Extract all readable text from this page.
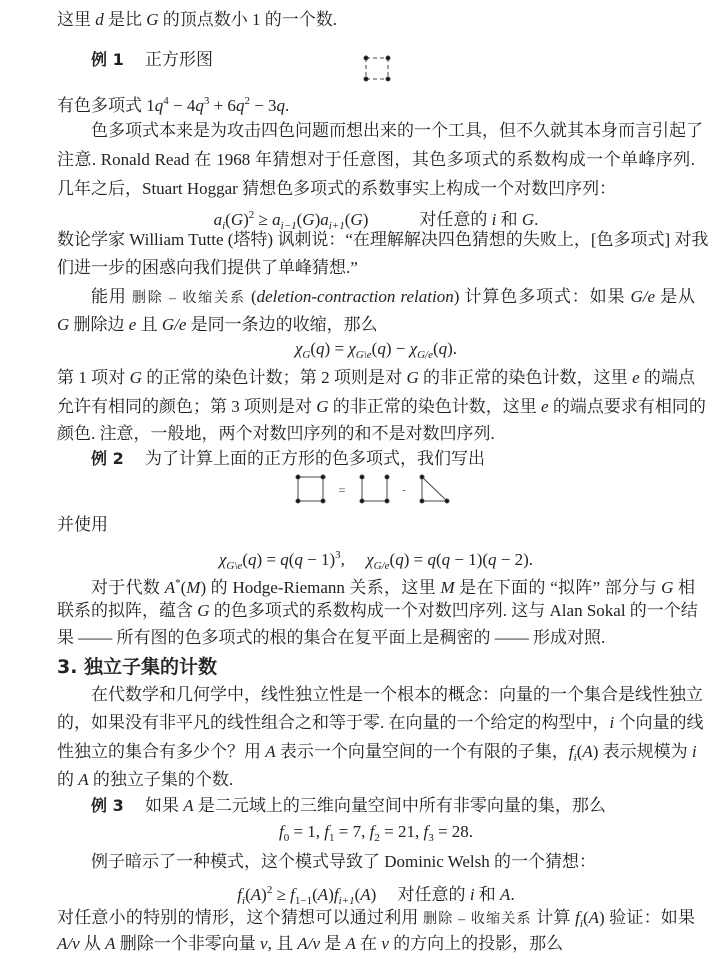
这里 d 是比 G 的顶点数小 1 的一个数.
例 1　 正方形图
有色多项式 $1q^4 - 4q^3 + 6q^2 - 3q$.
色多项式本来是为攻击四色问题而想出来的一个工具，但不久就其本身而言引起了
注意. Ronald Read 在 1968 年猜想对于任意图，其色多项式的系数构成一个单峰序列.
几年之后，Stuart Hoggar 猜想色多项式的系数事实上构成一个对数凹序列：
$a_i(G)^2 \ge a_{i-1}(G)a_{i+1}(G)$　　　对任意的 i 和 G.
数论学家 William Tutte (塔特) 讽刺说：“在理解解决四色猜想的失败上，[色多项式] 对我
们进一步的困惑向我们提供了单峰猜想.”
能用 删除 – 收缩关系 (deletion-contraction relation) 计算色多项式：如果 G/e 是从
G 删除边 e 且 G/e 是同一条边的收缩，那么
$\chi_G(q) = \chi_{G\backslash e}(q) - \chi_{G/e}(q)$.
第 1 项对 G 的正常的染色计数；第 2 项则是对 G 的非正常的染色计数，这里 e 的端点
允许有相同的颜色；第 3 项则是对 G 的非正常的染色计数，这里 e 的端点要求有相同的
颜色. 注意，一般地，两个对数凹序列的和不是对数凹序列.
例 2　 为了计算上面的正方形的色多项式，我们写出
并使用
$\chi_{G\backslash e}(q) = q(q - 1)^3$,　 $\chi_{G/e}(q) = q(q - 1)(q - 2)$.
对于代数 A*(M) 的 Hodge-Riemann 关系，这里 M 是在下面的 “拟阵” 部分与 G 相
联系的拟阵，蕴含 G 的色多项式的系数构成一个对数凹序列. 这与 Alan Sokal 的一个结
果 —— 所有图的色多项式的根的集合在复平面上是稠密的 —— 形成对照.
在代数学和几何学中，线性独立性是一个根本的概念：向量的一个集合是线性独立
的，如果没有非平凡的线性组合之和等于零. 在向量的一个给定的构型中，i 个向量的线
性独立的集合有多少个？用 A 表示一个向量空间的一个有限的子集，$f_i(A)$ 表示规模为 i
的 A 的独立子集的个数.
例 3　 如果 A 是二元域上的三维向量空间中所有非零向量的集，那么
$f_0 = 1$, $f_1 = 7$, $f_2 = 21$, $f_3 = 28$.
例子暗示了一种模式，这个模式导致了 Dominic Welsh 的一个猜想：
$f_i(A)^2 \ge f_{1-1}(A)f_{i+1}(A)$　 对任意的 i 和 A.
对任意小的特别的情形，这个猜想可以通过利用 删除 – 收缩关系 计算 $f_i(A)$ 验证：如果
A/v 从 A 删除一个非零向量 v, 且 A/v 是 A 在 v 的方向上的投影，那么
3. 独立子集的计数
=	-
